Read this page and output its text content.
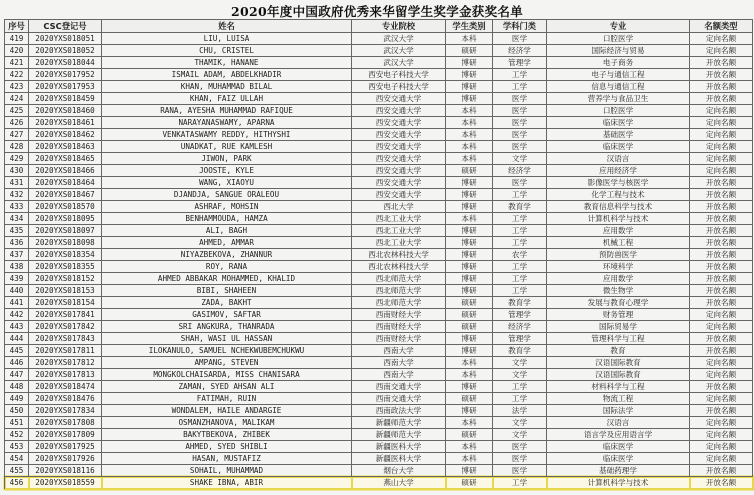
2020年度中国政府优秀来华留学生奖学金获奖名单
序号	CSC登记号	姓名	专业院校	学生类别	学科门类	专业	名额类型
419	2020YXS018051	LIU, LUISA	武汉大学	本科	医学	口腔医学	定向名额
420	2020YXS018052	CHU, CRISTEL	武汉大学	硕研	经济学	国际经济与贸易	定向名额
421	2020YXS018044	THAMIK, HANANE	武汉大学	博研	管理学	电子商务	开放名额
422	2020YXS017952	ISMAIL ADAM, ABDELKHADIR	西安电子科技大学	博研	工学	电子与通信工程	开放名额
423	2020YXS017953	KHAN, MUHAMMAD BILAL	西安电子科技大学	博研	工学	信息与通信工程	开放名额
424	2020YXS018459	KHAN, FAIZ ULLAH	西安交通大学	博研	医学	营养学与食品卫生	开放名额
425	2020YXS018460	RANA, AYESHA MUHAMMAD RAFIQUE	西安交通大学	本科	医学	口腔医学	定向名额
426	2020YXS018461	NARAYANASWAMY, APARNA	西安交通大学	本科	医学	临床医学	定向名额
427	2020YXS018462	VENKATASWAMY REDDY, HITHYSHI	西安交通大学	本科	医学	基础医学	定向名额
428	2020YXS018463	UNADKAT, RUE KAMLESH	西安交通大学	本科	医学	临床医学	定向名额
429	2020YXS018465	JIWON, PARK	西安交通大学	本科	文学	汉语言	定向名额
430	2020YXS018466	JOOSTE, KYLE	西安交通大学	硕研	经济学	应用经济学	定向名额
431	2020YXS018464	WANG, XIAOYU	西安交通大学	博研	医学	影像医学与核医学	开放名额
432	2020YXS018467	DJANDJA, SANGUE ORALEOU	西安交通大学	博研	工学	化学工程与技术	开放名额
433	2020YXS018570	ASHRAF, MOHSIN	西北大学	博研	教育学	教育信息科学与技术	开放名额
434	2020YXS018095	BENHAMMOUDA, HAMZA	西北工业大学	本科	工学	计算机科学与技术	开放名额
435	2020YXS018097	ALI, BAGH	西北工业大学	博研	工学	应用数学	开放名额
436	2020YXS018098	AHMED, AMMAR	西北工业大学	博研	工学	机械工程	开放名额
437	2020YXS018354	NIYAZBEKOVA, ZHANNUR	西北农林科技大学	博研	农学	预防兽医学	开放名额
438	2020YXS018355	ROY, RANA	西北农林科技大学	博研	工学	环境科学	开放名额
439	2020YXS018152	AHMED ABBAKAR MOHAMMED, KHALID	西北师范大学	博研	工学	应用数学	开放名额
440	2020YXS018153	BIBI, SHAHEEN	西北师范大学	博研	工学	微生物学	开放名额
441	2020YXS018154	ZADA, BAKHT	西北师范大学	硕研	教育学	发展与教育心理学	开放名额
442	2020YXS017841	GASIMOV, SAFTAR	西南财经大学	硕研	管理学	财务管理	定向名额
443	2020YXS017842	SRI ANGKURA, THANRADA	西南财经大学	硕研	经济学	国际贸易学	定向名额
444	2020YXS017843	SHAH, WASI UL HASSAN	西南财经大学	博研	管理学	管理科学与工程	开放名额
445	2020YXS017811	ILOKANULO, SAMUEL NCHEKWUBEMCHUKWU	西南大学	博研	教育学	教育	开放名额
446	2020YXS017812	AMPANG, STEVEN	西南大学	本科	文学	汉语国际教育	定向名额
447	2020YXS017813	MONGKOLCHAISARDA, MISS CHANISARA	西南大学	本科	文学	汉语国际教育	定向名额
448	2020YXS018474	ZAMAN, SYED AHSAN ALI	西南交通大学	博研	工学	材料科学与工程	开放名额
449	2020YXS018476	FATIMAH, RUIN	西南交通大学	硕研	工学	物流工程	定向名额
450	2020YXS017834	WONDALEM, HAILE ANDARGIE	西南政法大学	博研	法学	国际法学	开放名额
451	2020YXS017808	OSMANZHANOVA, MALIKAM	新疆师范大学	本科	文学	汉语言	定向名额
452	2020YXS017809	BAKYTBEKOVA, ZHIBEK	新疆师范大学	硕研	文学	语言学及应用语言学	定向名额
453	2020YXS017925	AHMED, SYED SHIBLI	新疆医科大学	本科	医学	临床医学	定向名额
454	2020YXS017926	HASAN, MUSTAFIZ	新疆医科大学	本科	医学	临床医学	定向名额
455	2020YXS018116	SOHAIL, MUHAMMAD	烟台大学	博研	医学	基础药理学	开放名额
456	2020YXS018559	SHAKE IBNA, ABIR	燕山大学	硕研	工学	计算机科学与技术	开放名额
